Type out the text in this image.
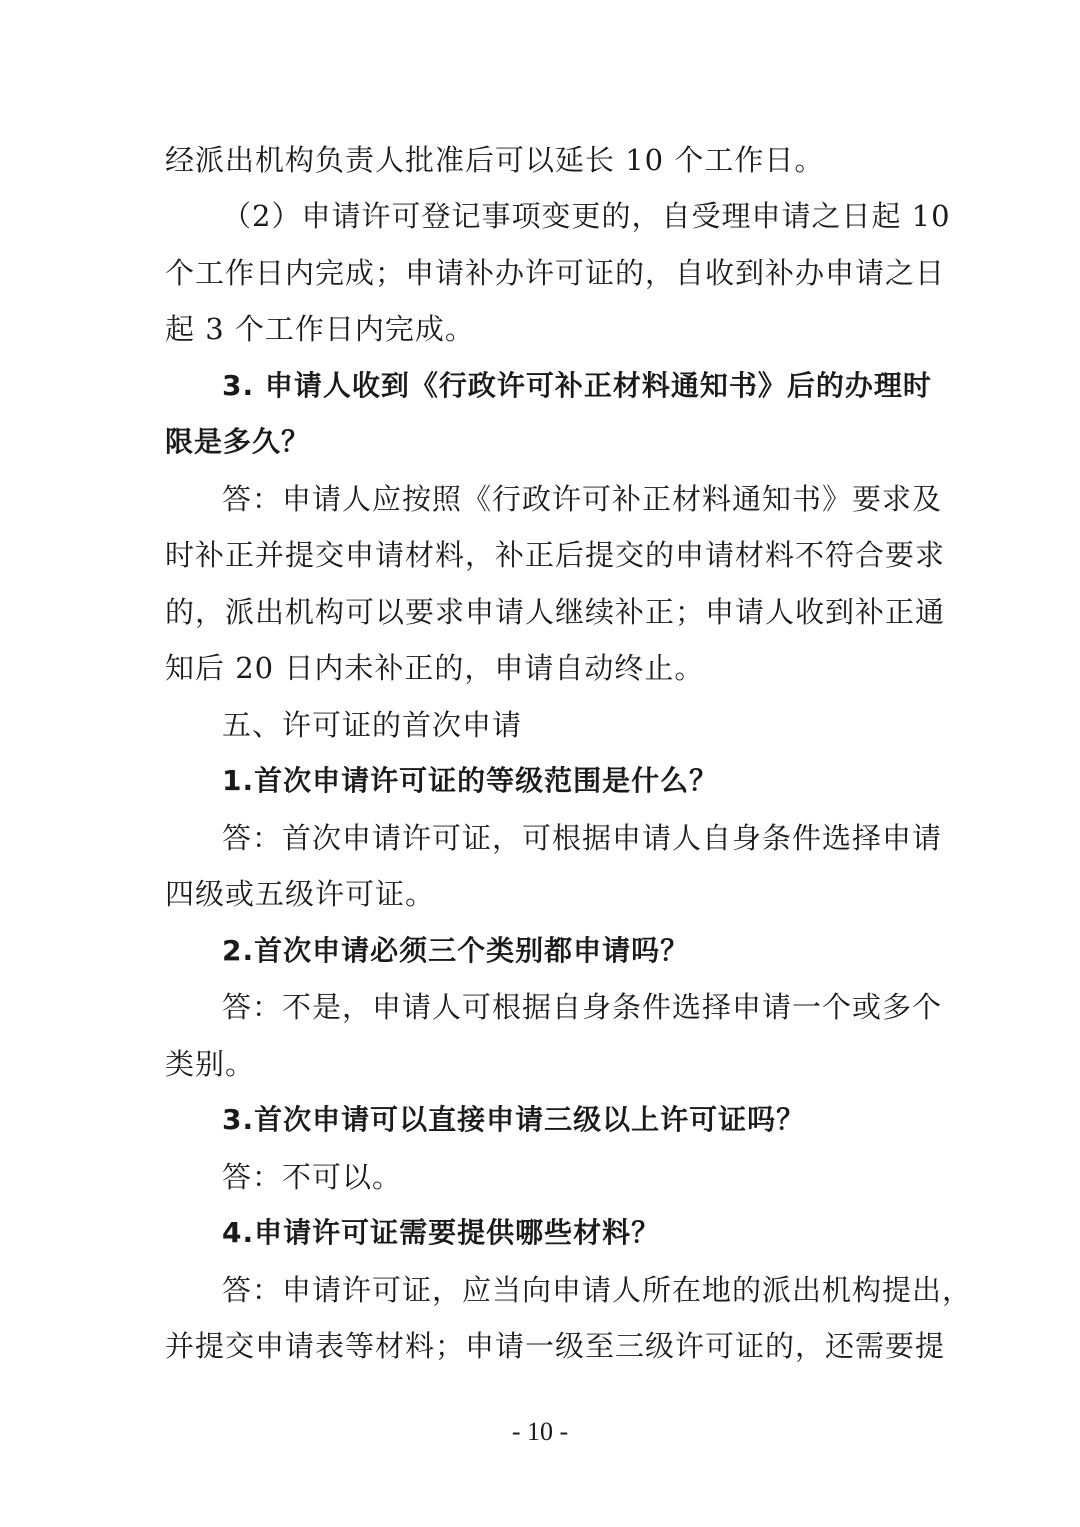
经派出机构负责人批准后可以延长 10 个工作日。
（2）申请许可登记事项变更的，自受理申请之日起 10
个工作日内完成；申请补办许可证的，自收到补办申请之日
起 3 个工作日内完成。
3. 申请人收到《行政许可补正材料通知书》后的办理时
限是多久？
答：申请人应按照《行政许可补正材料通知书》要求及
时补正并提交申请材料，补正后提交的申请材料不符合要求
的，派出机构可以要求申请人继续补正；申请人收到补正通
知后 20 日内未补正的，申请自动终止。
五、许可证的首次申请
1.首次申请许可证的等级范围是什么？
答：首次申请许可证，可根据申请人自身条件选择申请
四级或五级许可证。
2.首次申请必须三个类别都申请吗？
答：不是，申请人可根据自身条件选择申请一个或多个
类别。
3.首次申请可以直接申请三级以上许可证吗？
答：不可以。
4.申请许可证需要提供哪些材料？
答：申请许可证，应当向申请人所在地的派出机构提出，
并提交申请表等材料；申请一级至三级许可证的，还需要提
- 10 -
